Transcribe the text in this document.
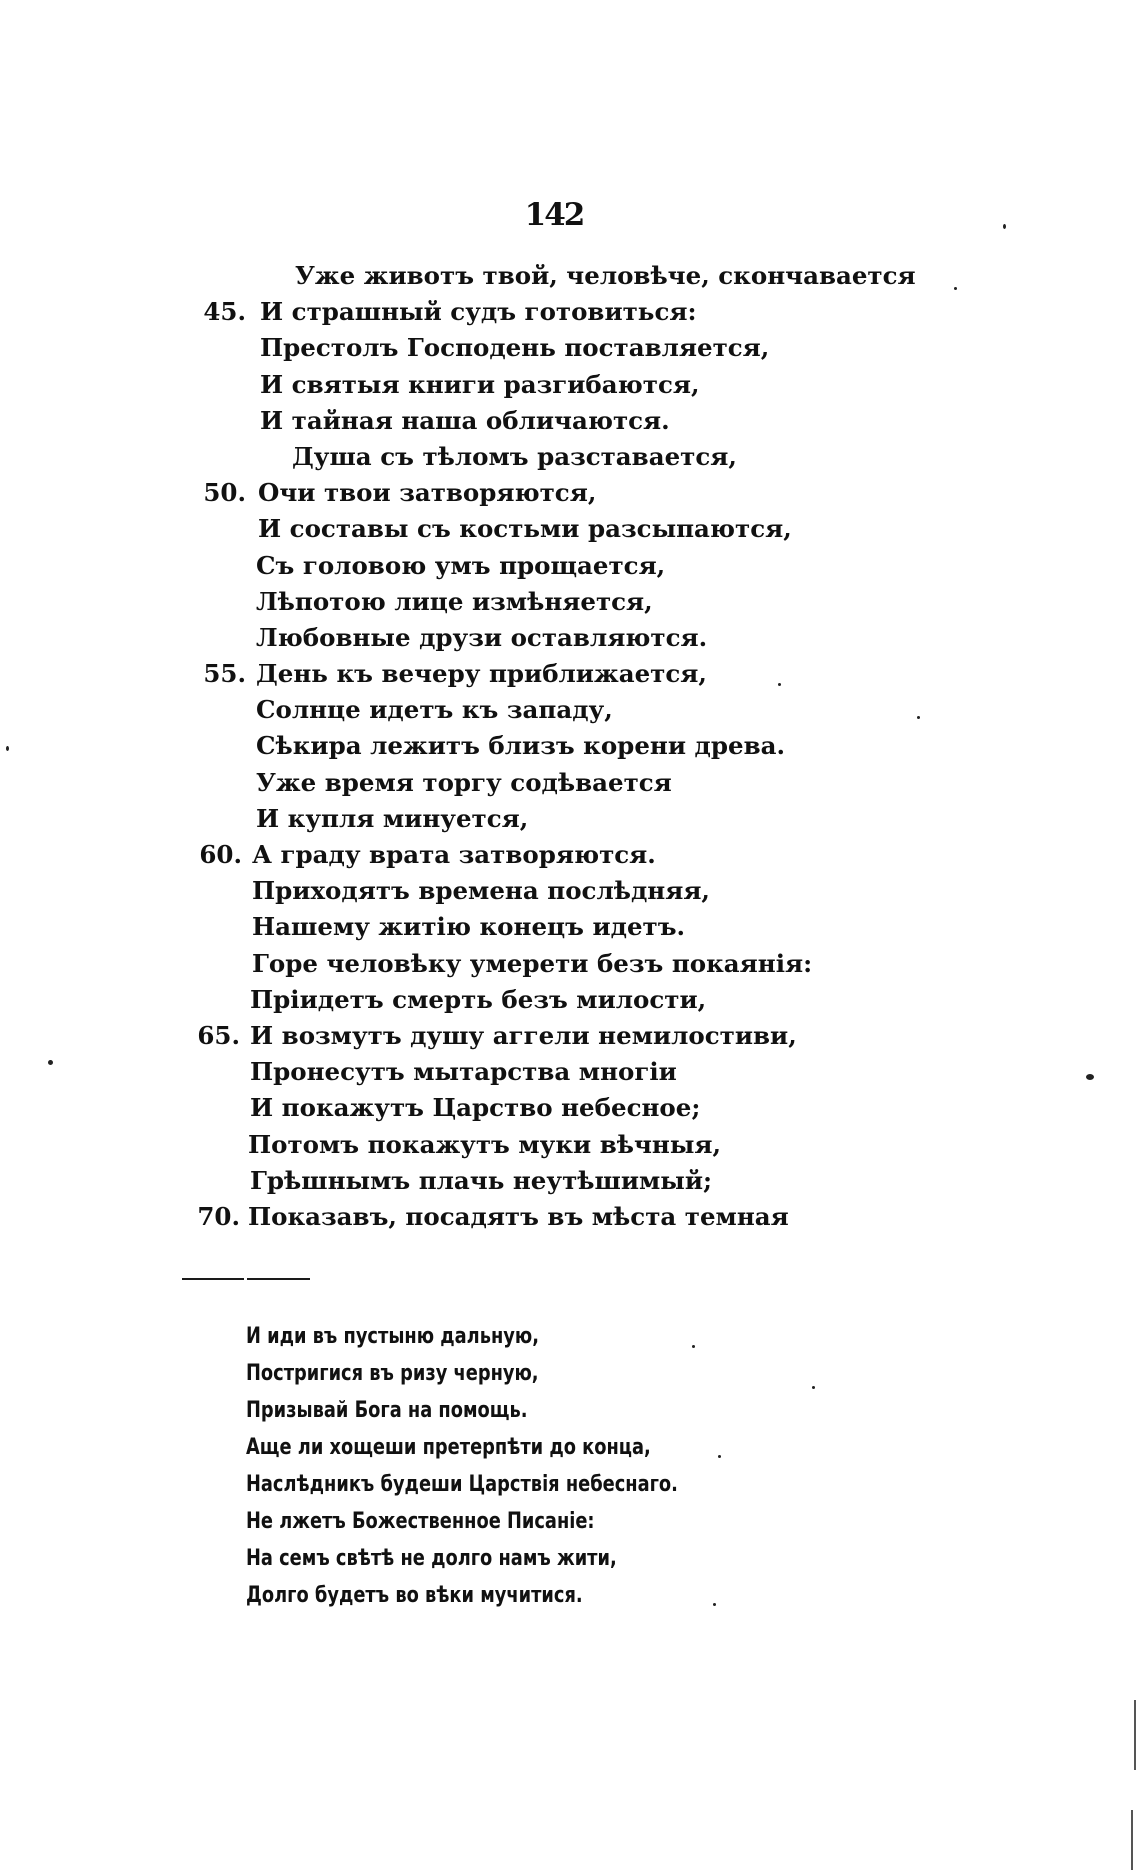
142
Уже животъ твой, человѣче, скончавается
45. И страшный судъ готовиться:
Престолъ Господень поставляется,
И святыя книги разгибаются,
И тайная наша обличаются.
Душа съ тѣломъ разставается,
50. Очи твои затворяются,
И составы съ костьми разсыпаются,
Съ головою умъ прощается,
Лѣпотою лице измѣняется,
Любовные друзи оставляются.
55. День къ вечеру приближается,
Солнце идетъ къ западу,
Сѣкира лежитъ близъ корени древа.
Уже время торгу содѣвается
И купля минуется,
60. А граду врата затворяются.
Приходятъ времена послѣдняя,
Нашему житію конецъ идетъ.
Горе человѣку умерети безъ покаянія:
Пріидетъ смерть безъ милости,
65. И возмутъ душу аггели немилостиви,
Пронесутъ мытарства многіи
И покажутъ Царство небесное;
Потомъ покажутъ муки вѣчныя,
Грѣшнымъ плачь неутѣшимый;
70. Показавъ, посадятъ въ мѣста темная
И иди въ пустыню дальную,
Постригися въ ризу черную,
Призывай Бога на помощь.
Аще ли хощеши претерпѣти до конца,
Наслѣдникъ будеши Царствія небеснаго.
Не лжетъ Божественное Писаніе:
На семъ свѣтѣ не долго намъ жити,
Долго будетъ во вѣки мучитися.
